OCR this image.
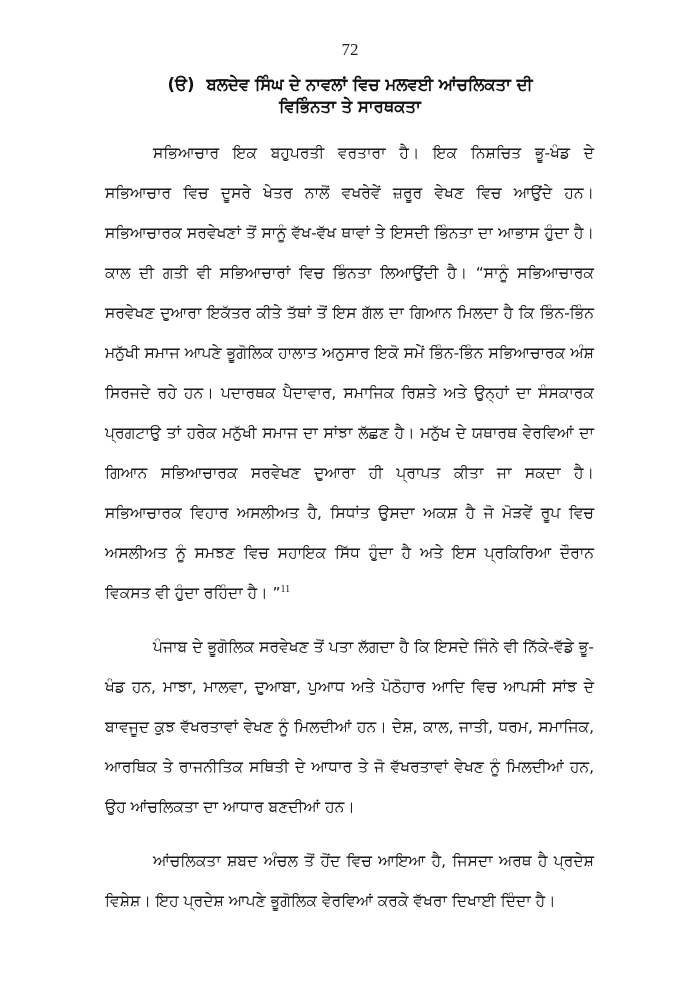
72
(ੳ) ਬਲਦੇਵ ਸਿੰਘ ਦੇ ਨਾਵਲਾਂ ਵਿਚ ਮਲਵਈ ਆਂਚਲਿਕਤਾ ਦੀ
ਵਿਭਿੰਨਤਾ ਤੇ ਸਾਰਥਕਤਾ

ਸਭਿਆਚਾਰ ਇਕ ਬਹੁਪਰਤੀ ਵਰਤਾਰਾ ਹੈ। ਇਕ ਨਿਸ਼ਚਿਤ ਭੂ-ਖੰਡ ਦੇ ਸਭਿਆਚਾਰ ਵਿਚ ਦੂਸਰੇ ਖੇਤਰ ਨਾਲੋਂ ਵਖਰੇਵੇਂ ਜ਼ਰੂਰ ਵੇਖਣ ਵਿਚ ਆਉਂਦੇ ਹਨ। ਸਭਿਆਚਾਰਕ ਸਰਵੇਖਣਾਂ ਤੋਂ ਸਾਨੂੰ ਵੱਖ-ਵੱਖ ਥਾਵਾਂ ਤੇ ਇਸਦੀ ਭਿੰਨਤਾ ਦਾ ਆਭਾਸ ਹੁੰਦਾ ਹੈ। ਕਾਲ ਦੀ ਗਤੀ ਵੀ ਸਭਿਆਚਾਰਾਂ ਵਿਚ ਭਿੰਨਤਾ ਲਿਆਉਂਦੀ ਹੈ। “ਸਾਨੂੰ ਸਭਿਆਚਾਰਕ ਸਰਵੇਖਣ ਦੁਆਰਾ ਇਕੱਤਰ ਕੀਤੇ ਤੱਥਾਂ ਤੋਂ ਇਸ ਗੱਲ ਦਾ ਗਿਆਨ ਮਿਲਦਾ ਹੈ ਕਿ ਭਿੰਨ-ਭਿੰਨ ਮਨੁੱਖੀ ਸਮਾਜ ਆਪਣੇ ਭੂਗੋਲਿਕ ਹਾਲਾਤ ਅਨੁਸਾਰ ਇਕੋ ਸਮੇਂ ਭਿੰਨ-ਭਿੰਨ ਸਭਿਆਚਾਰਕ ਅੰਸ਼ ਸਿਰਜਦੇ ਰਹੇ ਹਨ। ਪਦਾਰਥਕ ਪੈਦਾਵਾਰ, ਸਮਾਜਿਕ ਰਿਸ਼ਤੇ ਅਤੇ ਉਨ੍ਹਾਂ ਦਾ ਸੰਸਕਾਰਕ ਪ੍ਰਗਟਾਉ ਤਾਂ ਹਰੇਕ ਮਨੁੱਖੀ ਸਮਾਜ ਦਾ ਸਾਂਝਾ ਲੱਛਣ ਹੈ। ਮਨੁੱਖ ਦੇ ਯਥਾਰਥ ਵੇਰਵਿਆਂ ਦਾ ਗਿਆਨ ਸਭਿਆਚਾਰਕ ਸਰਵੇਖਣ ਦੁਆਰਾ ਹੀ ਪ੍ਰਾਪਤ ਕੀਤਾ ਜਾ ਸਕਦਾ ਹੈ। ਸਭਿਆਚਾਰਕ ਵਿਹਾਰ ਅਸਲੀਅਤ ਹੈ, ਸਿਧਾਂਤ ਉਸਦਾ ਅਕਸ਼ ਹੈ ਜੋ ਮੋੜਵੇਂ ਰੂਪ ਵਿਚ ਅਸਲੀਅਤ ਨੂੰ ਸਮਝਣ ਵਿਚ ਸਹਾਇਕ ਸਿੱਧ ਹੁੰਦਾ ਹੈ ਅਤੇ ਇਸ ਪ੍ਰਕਿਰਿਆ ਦੌਰਾਨ ਵਿਕਸਤ ਵੀ ਹੁੰਦਾ ਰਹਿੰਦਾ ਹੈ। ”$^{11}$

ਪੰਜਾਬ ਦੇ ਭੂਗੋਲਿਕ ਸਰਵੇਖਣ ਤੋਂ ਪਤਾ ਲੱਗਦਾ ਹੈ ਕਿ ਇਸਦੇ ਜਿੰਨੇ ਵੀ ਨਿੱਕੇ-ਵੱਡੇ ਭੂ-ਖੰਡ ਹਨ, ਮਾਝਾ, ਮਾਲਵਾ, ਦੁਆਬਾ, ਪੁਆਧ ਅਤੇ ਪੋਠੋਹਾਰ ਆਦਿ ਵਿਚ ਆਪਸੀ ਸਾਂਝ ਦੇ ਬਾਵਜੂਦ ਕੁਝ ਵੱਖਰਤਾਵਾਂ ਵੇਖਣ ਨੂੰ ਮਿਲਦੀਆਂ ਹਨ। ਦੇਸ਼, ਕਾਲ, ਜਾਤੀ, ਧਰਮ, ਸਮਾਜਿਕ, ਆਰਥਿਕ ਤੇ ਰਾਜਨੀਤਿਕ ਸਥਿਤੀ ਦੇ ਆਧਾਰ ਤੇ ਜੋ ਵੱਖਰਤਾਵਾਂ ਵੇਖਣ ਨੂੰ ਮਿਲਦੀਆਂ ਹਨ, ਉਹ ਆਂਚਲਿਕਤਾ ਦਾ ਆਧਾਰ ਬਣਦੀਆਂ ਹਨ।

ਆਂਚਲਿਕਤਾ ਸ਼ਬਦ ਅੰਚਲ ਤੋਂ ਹੋਂਦ ਵਿਚ ਆਇਆ ਹੈ, ਜਿਸਦਾ ਅਰਥ ਹੈ ਪ੍ਰਦੇਸ਼ ਵਿਸ਼ੇਸ਼। ਇਹ ਪ੍ਰਦੇਸ਼ ਆਪਣੇ ਭੂਗੋਲਿਕ ਵੇਰਵਿਆਂ ਕਰਕੇ ਵੱਖਰਾ ਦਿਖਾਈ ਦਿੰਦਾ ਹੈ।
